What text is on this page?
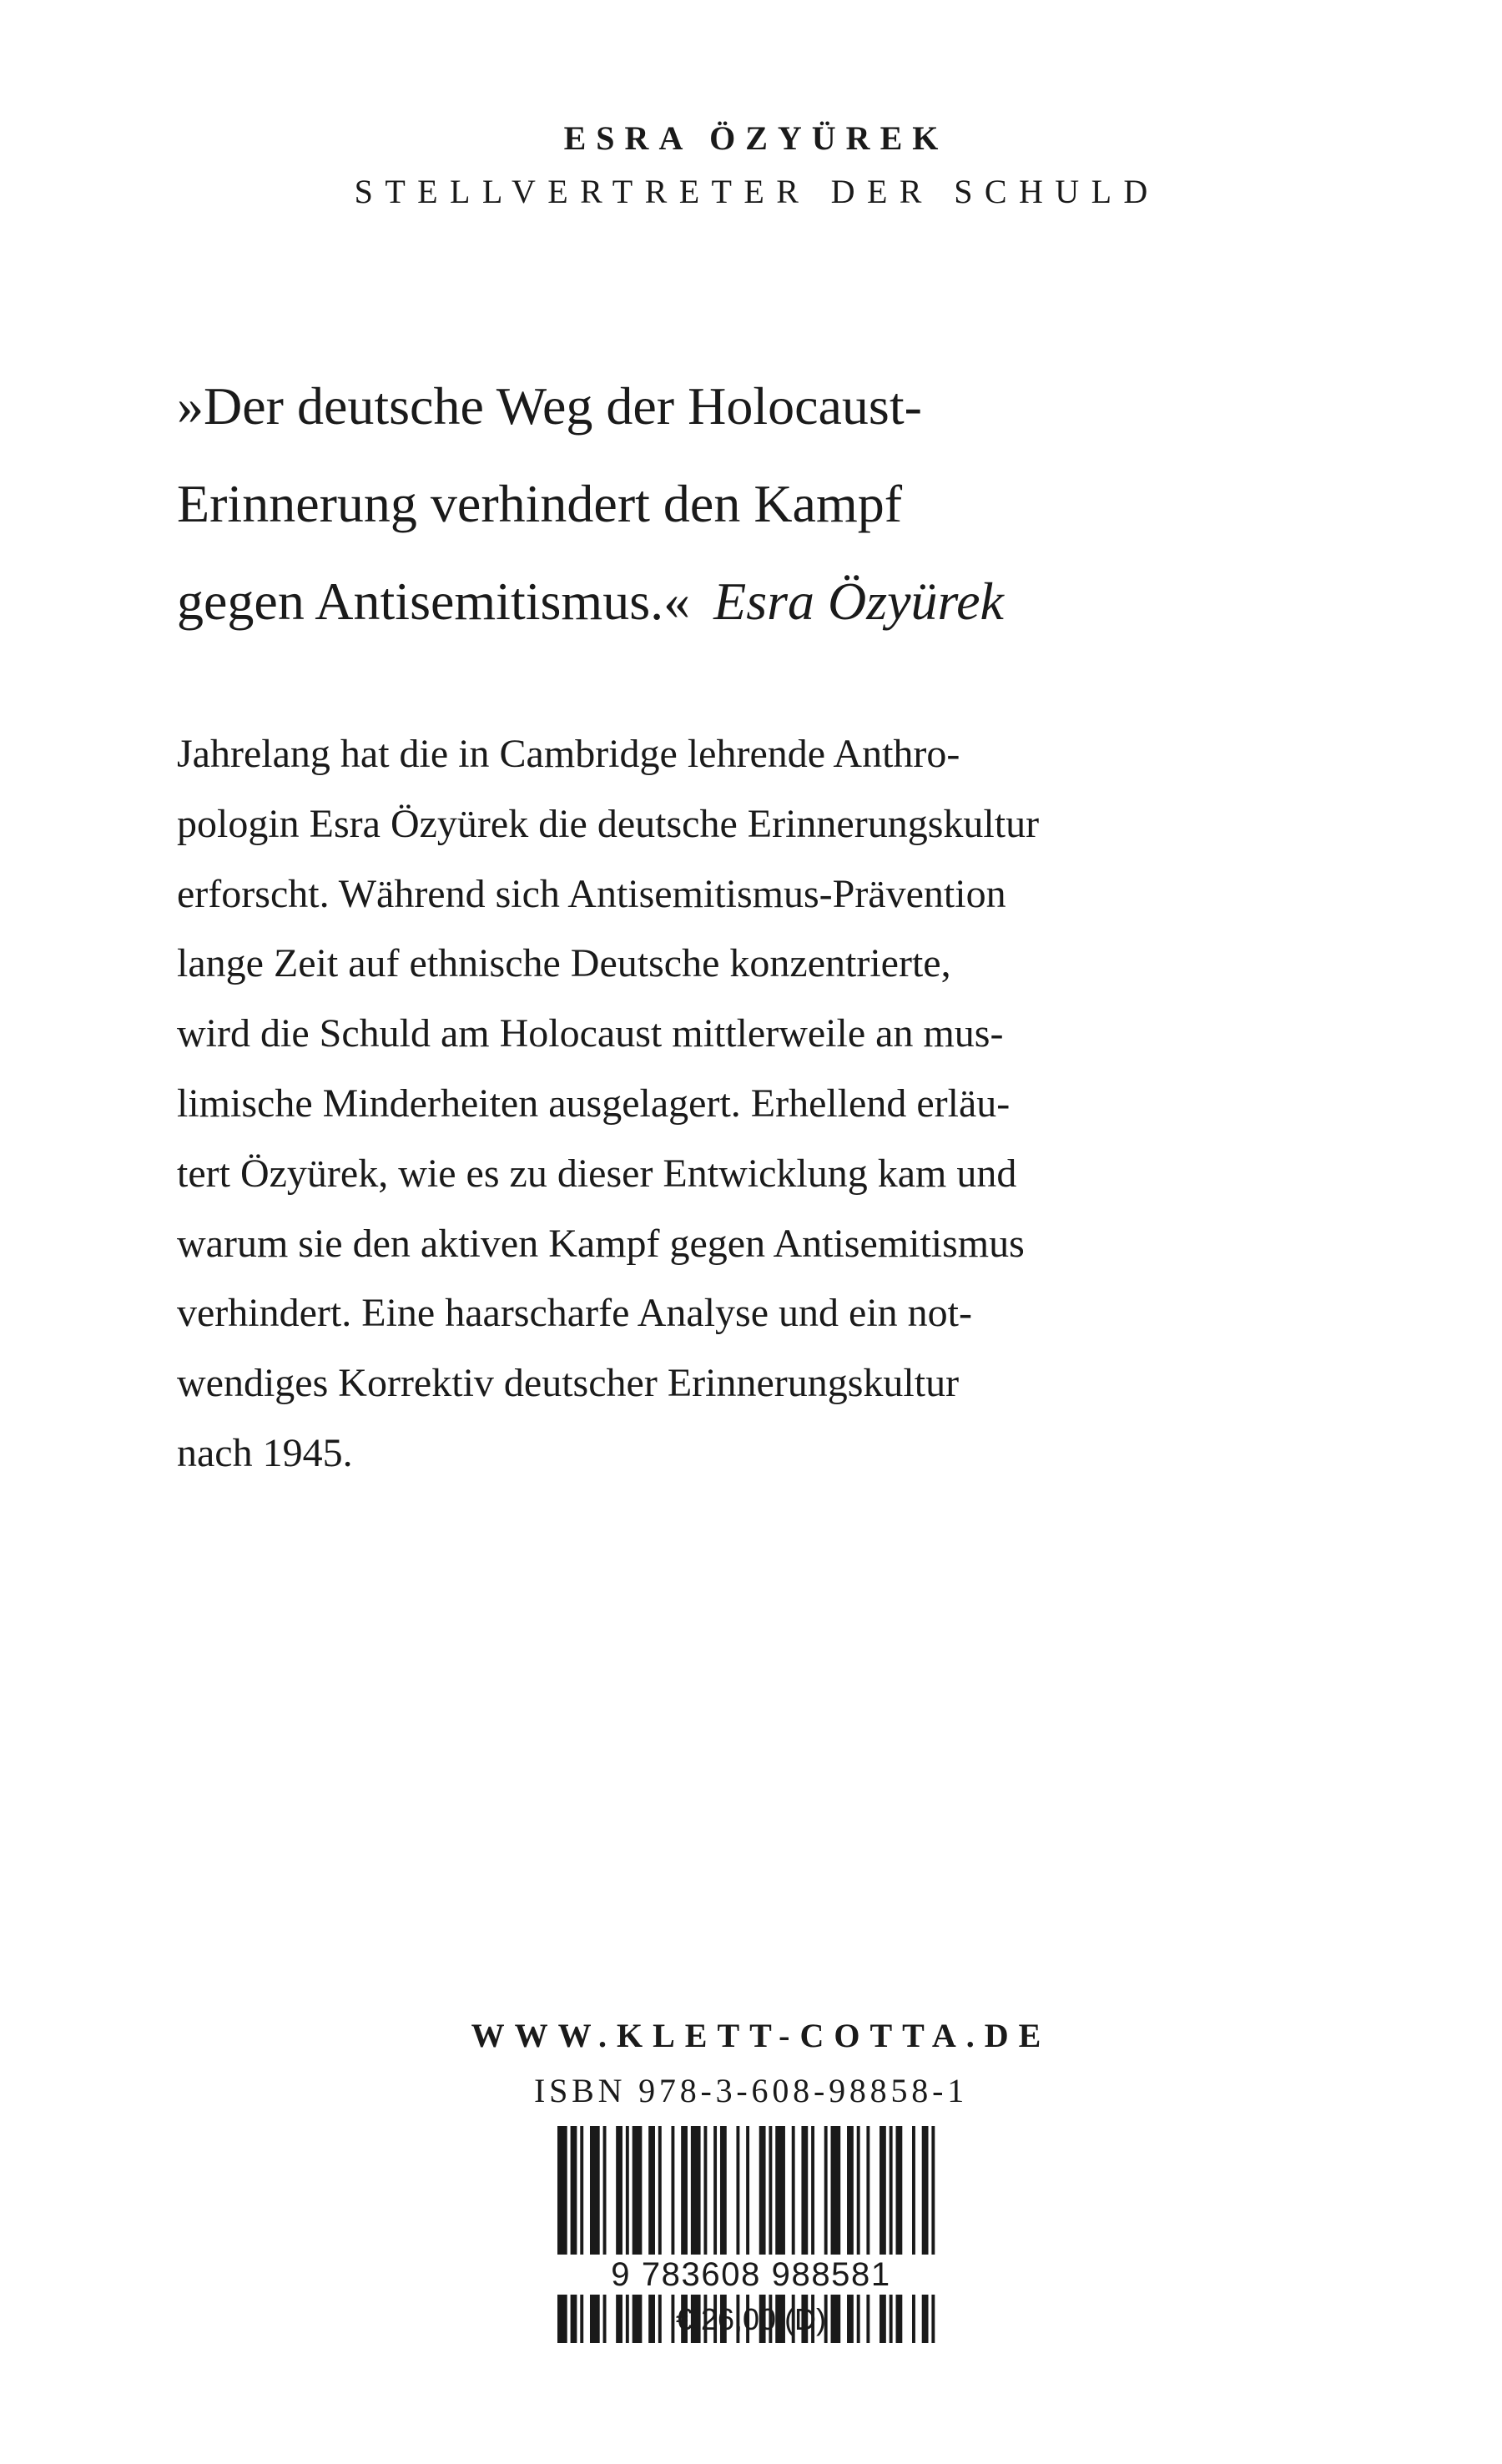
ESRA ÖZYÜREK
STELLVERTRETER DER SCHULD
»Der deutsche Weg der Holocaust-
Erinnerung verhindert den Kampf
gegen Antisemitismus.« Esra Özyürek
Jahrelang hat die in Cambridge lehrende Anthro-
pologin Esra Özyürek die deutsche Erinnerungskultur
erforscht. Während sich Antisemitismus-Prävention
lange Zeit auf ethnische Deutsche konzentrierte,
wird die Schuld am Holocaust mittlerweile an mus-
limische Minderheiten ausgelagert. Erhellend erläu-
tert Özyürek, wie es zu dieser Entwicklung kam und
warum sie den aktiven Kampf gegen Antisemitismus
verhindert. Eine haarscharfe Analyse und ein not-
wendiges Korrektiv deutscher Erinnerungskultur
nach 1945.
WWW.KLETT-COTTA.DE
ISBN 978-3-608-98858-1
9 783608 988581
€ 26,00 (D)
